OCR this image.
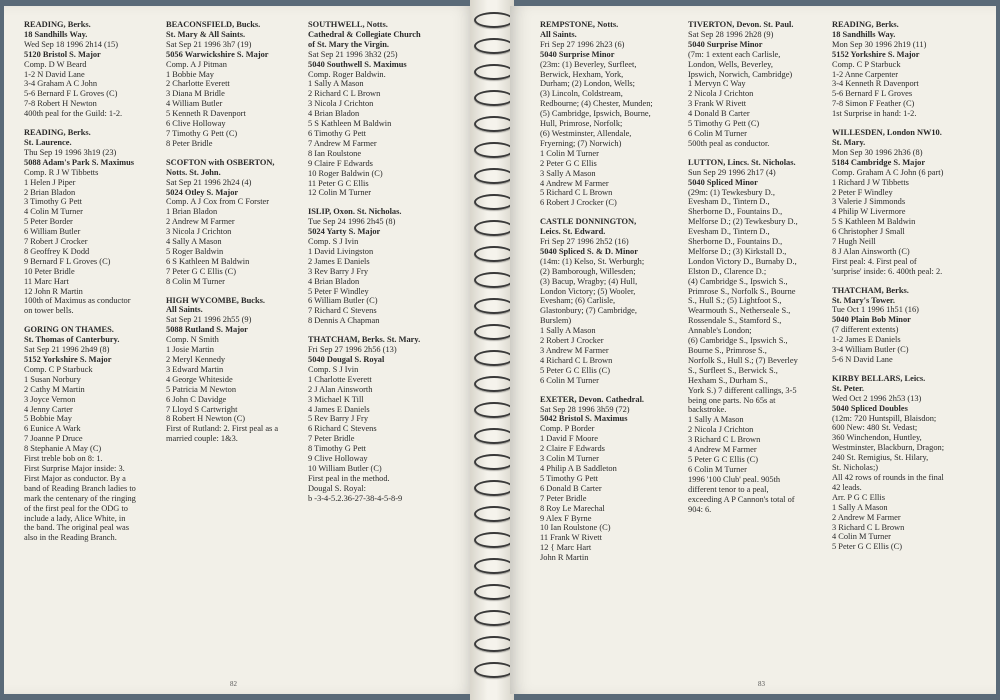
READING, Berks.
18 Sandhills Way.
Wed Sep 18 1996 2h14 (15)
5120 Bristol S. Major
Comp. D W Beard
1-2 N David Lane
3-4 Graham A C John
5-6 Bernard F L Groves (C)
7-8 Robert H Newton
400th peal for the Guild: 1-2.
READING, Berks.
St. Laurence.
Thu Sep 19 1996 3h19 (23)
5088 Adam's Park S. Maximus
Comp. R J W Tibbetts
1 Helen J Piper
2 Brian Bladon
3 Timothy G Pett
4 Colin M Turner
5 Peter Border
6 William Butler
7 Robert J Crocker
8 Geoffrey K Dodd
9 Bernard F L Groves (C)
10 Peter Bridle
11 Marc Hart
12 John R Martin
100th of Maximus as conductor
on tower bells.
GORING ON THAMES.
St. Thomas of Canterbury.
Sat Sep 21 1996 2h49 (8)
5152 Yorkshire S. Major
Comp. C P Starbuck
1 Susan Norbury
2 Cathy M Martin
3 Joyce Vernon
4 Jenny Carter
5 Bobbie May
6 Eunice A Wark
7 Joanne P Druce
8 Stephanie A May (C)
First treble bob on 8: 1.
First Surprise Major inside: 3.
First Major as conductor. By a
band of Reading Branch ladies to
mark the centenary of the ringing
of the first peal for the ODG to
include a lady, Alice White, in
the band. The original peal was
also in the Reading Branch.
BEACONSFIELD, Bucks.
St. Mary & All Saints.
Sat Sep 21 1996 3h7 (19)
5056 Warwickshire S. Major
Comp. A J Pitman
1 Bobbie May
2 Charlotte Everett
3 Diana M Bridle
4 William Butler
5 Kenneth R Davenport
6 Clive Holloway
7 Timothy G Pett (C)
8 Peter Bridle
SCOFTON with OSBERTON,
Notts. St. John.
Sat Sep 21 1996 2h24 (4)
5024 Otley S. Major
Comp. A J Cox from C Forster
1 Brian Bladon
2 Andrew M Farmer
3 Nicola J Crichton
4 Sally A Mason
5 Roger Baldwin
6 S Kathleen M Baldwin
7 Peter G C Ellis (C)
8 Colin M Turner
HIGH WYCOMBE, Bucks.
All Saints.
Sat Sep 21 1996 2h55 (9)
5088 Rutland S. Major
Comp. N Smith
1 Josie Martin
2 Meryl Kennedy
3 Edward Martin
4 George Whiteside
5 Patricia M Newton
6 John C Davidge
7 Lloyd S Cartwright
8 Robert H Newton (C)
First of Rutland: 2. First peal as a
married couple: 1&3.
SOUTHWELL, Notts.
Cathedral & Collegiate Church
of St. Mary the Virgin.
Sat Sep 21 1996 3h32 (25)
5040 Southwell S. Maximus
Comp. Roger Baldwin.
1 Sally A Mason
2 Richard C L Brown
3 Nicola J Crichton
4 Brian Bladon
5 S Kathleen M Baldwin
6 Timothy G Pett
7 Andrew M Farmer
8 Ian Roulstone
9 Claire F Edwards
10 Roger Baldwin (C)
11 Peter G C Ellis
12 Colin M Turner
ISLIP, Oxon. St. Nicholas.
Tue Sep 24 1996 2h45 (8)
5024 Yarty S. Major
Comp. S J Ivin
1 David Livingston
2 James E Daniels
3 Rev Barry J Fry
4 Brian Bladon
5 Peter F Windley
6 William Butler (C)
7 Richard C Stevens
8 Dennis A Chapman
THATCHAM, Berks. St. Mary.
Fri Sep 27 1996 2h56 (13)
5040 Dougal S. Royal
Comp. S J Ivin
1 Charlotte Everett
2 J Alan Ainsworth
3 Michael K Till
4 James E Daniels
5 Rev Barry J Fry
6 Richard C Stevens
7 Peter Bridle
8 Timothy G Pett
9 Clive Holloway
10 William Butler (C)
First peal in the method.
Dougal S. Royal:
b -3-4-5.2.36-27-38-4-5-8-9
82
REMPSTONE, Notts.
All Saints.
Fri Sep 27 1996 2h23 (6)
5040 Surprise Minor
(23m: (1) Beverley, Surfleet,
Berwick, Hexham, York,
Durham; (2) London, Wells;
(3) Lincoln, Coldstream,
Redbourne; (4) Chester, Munden;
(5) Cambridge, Ipswich, Bourne,
Hull, Primrose, Norfolk;
(6) Westminster, Allendale,
Fryerning; (7) Norwich)
1 Colin M Turner
2 Peter G C Ellis
3 Sally A Mason
4 Andrew M Farmer
5 Richard C L Brown
6 Robert J Crocker (C)
CASTLE DONNINGTON,
Leics. St. Edward.
Fri Sep 27 1996 2h52 (16)
5040 Spliced S. & D. Minor
(14m: (1) Kelso, St. Werburgh;
(2) Bamborough, Willesden;
(3) Bacup, Wragby; (4) Hull,
London Victory; (5) Wooler,
Evesham; (6) Carlisle,
Glastonbury; (7) Cambridge,
Burslem)
1 Sally A Mason
2 Robert J Crocker
3 Andrew M Farmer
4 Richard C L Brown
5 Peter G C Ellis (C)
6 Colin M Turner
EXETER, Devon. Cathedral.
Sat Sep 28 1996 3h59 (72)
5042 Bristol S. Maximus
Comp. P Border
1 David F Moore
2 Claire F Edwards
3 Colin M Turner
4 Philip A B Saddleton
5 Timothy G Pett
6 Donald B Carter
7 Peter Bridle
8 Roy Le Marechal
9 Alex F Byrne
10 Ian Roulstone (C)
11 Frank W Rivett
12 { Marc Hart
John R Martin
TIVERTON, Devon. St. Paul.
Sat Sep 28 1996 2h28 (9)
5040 Surprise Minor
(7m: 1 extent each Carlisle,
London, Wells, Beverley,
Ipswich, Norwich, Cambridge)
1 Mervyn C Way
2 Nicola J Crichton
3 Frank W Rivett
4 Donald B Carter
5 Timothy G Pett (C)
6 Colin M Turner
500th peal as conductor.
LUTTON, Lincs. St. Nicholas.
Sun Sep 29 1996 2h17 (4)
5040 Spliced Minor
(29m: (1) Tewkesbury D.,
Evesham D., Tintern D.,
Sherborne D., Fountains D.,
Melforse D.; (2) Tewkesbury D.,
Evesham D., Tintern D.,
Sherborne D., Fountains D.,
Melforse D.; (3) Kirkstall D.,
London Victory D., Burnaby D.,
Elston D., Clarence D.;
(4) Cambridge S., Ipswich S.,
Primrose S., Norfolk S., Bourne
S., Hull S.; (5) Lightfoot S.,
Wearmouth S., Netherseale S.,
Rossendale S., Stamford S.,
Annable's London;
(6) Cambridge S., Ipswich S.,
Bourne S., Primrose S.,
Norfolk S., Hull S.; (7) Beverley
S., Surfleet S., Berwick S.,
Hexham S., Durham S.,
York S.) 7 different callings, 3-5
being one parts. No 65s at
backstroke.
1 Sally A Mason
2 Nicola J Crichton
3 Richard C L Brown
4 Andrew M Farmer
5 Peter G C Ellis (C)
6 Colin M Turner
1996 '100 Club' peal. 905th
different tenor to a peal,
exceeding A P Cannon's total of
904: 6.
READING, Berks.
18 Sandhills Way.
Mon Sep 30 1996 2h19 (11)
5152 Yorkshire S. Major
Comp. C P Starbuck
1-2 Anne Carpenter
3-4 Kenneth R Davenport
5-6 Bernard F L Groves
7-8 Simon F Feather (C)
1st Surprise in hand: 1-2.
WILLESDEN, London NW10.
St. Mary.
Mon Sep 30 1996 2h36 (8)
5184 Cambridge S. Major
Comp. Graham A C John (6 part)
1 Richard J W Tibbetts
2 Peter F Windley
3 Valerie J Simmonds
4 Philip W Livermore
5 S Kathleen M Baldwin
6 Christopher J Small
7 Hugh Neill
8 J Alan Ainsworth (C)
First peal: 4. First peal of
'surprise' inside: 6. 400th peal: 2.
THATCHAM, Berks.
St. Mary's Tower.
Tue Oct 1 1996 1h51 (16)
5040 Plain Bob Minor
(7 different extents)
1-2 James E Daniels
3-4 William Butler (C)
5-6 N David Lane
KIRBY BELLARS, Leics.
St. Peter.
Wed Oct 2 1996 2h53 (13)
5040 Spliced Doubles
(12m: 720 Huntspill, Blaisdon;
600 New: 480 St. Vedast;
360 Winchendon, Huntley,
Westminster, Blackburn, Dragon;
240 St. Remigius, St. Hilary,
St. Nicholas;)
All 42 rows of rounds in the final
42 leads.
Arr. P G C Ellis
1 Sally A Mason
2 Andrew M Farmer
3 Richard C L Brown
4 Colin M Turner
5 Peter G C Ellis (C)
83
